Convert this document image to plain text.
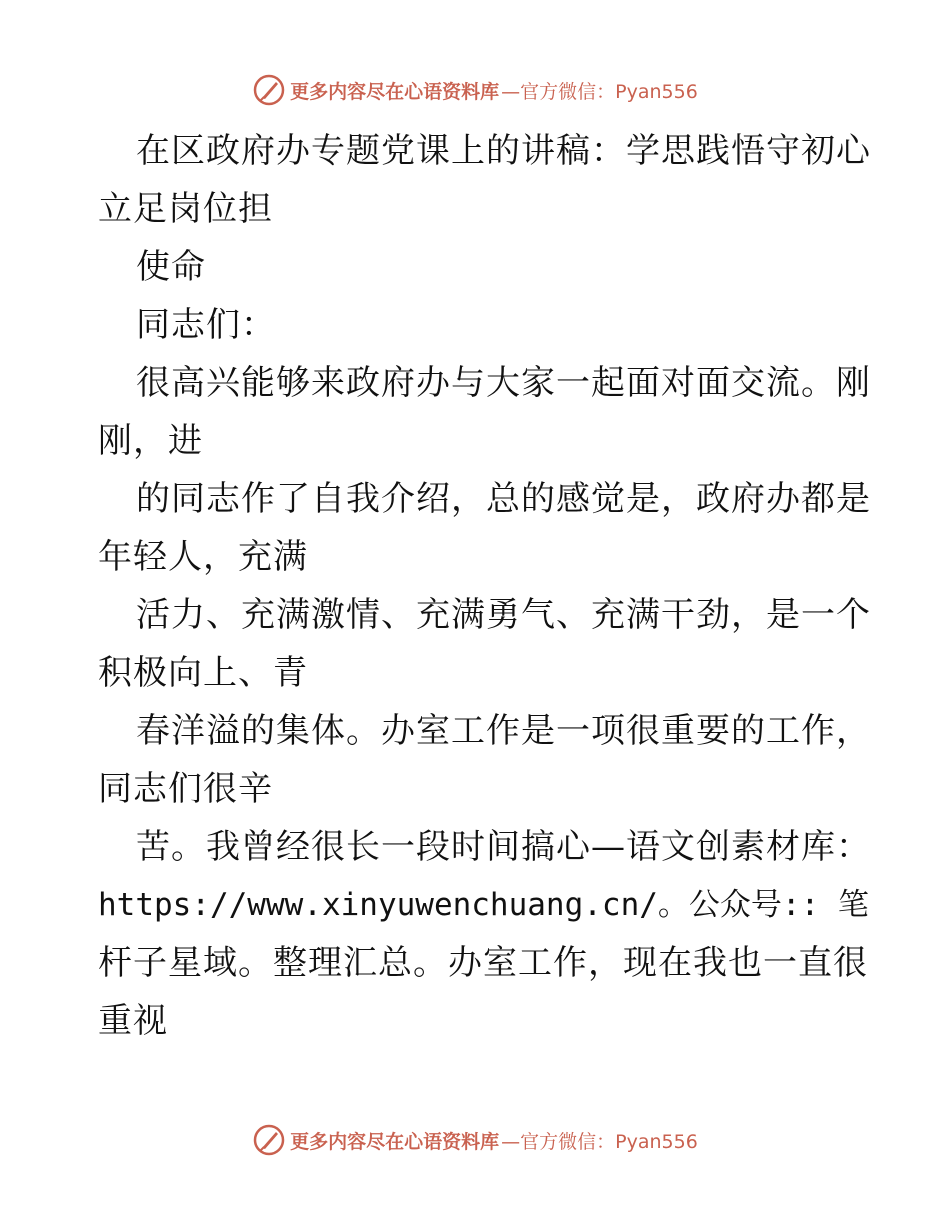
更多内容尽在心语资料库 —官方微信：Pyan556
在区政府办专题党课上的讲稿：学思践悟守初心
立足岗位担
使命
同志们：
很高兴能够来政府办与大家一起面对面交流。刚
刚，进
的同志作了自我介绍，总的感觉是，政府办都是
年轻人，充满
活力、充满激情、充满勇气、充满干劲，是一个
积极向上、青
春洋溢的集体。办室工作是一项很重要的工作，
同志们很辛
苦。我曾经很长一段时间搞心—语文创素材库：
https://www.xinyuwenchuang.cn/。公众号:: 笔
杆子星域。整理汇总。办室工作，现在我也一直很
重视
更多内容尽在心语资料库 —官方微信：Pyan556
